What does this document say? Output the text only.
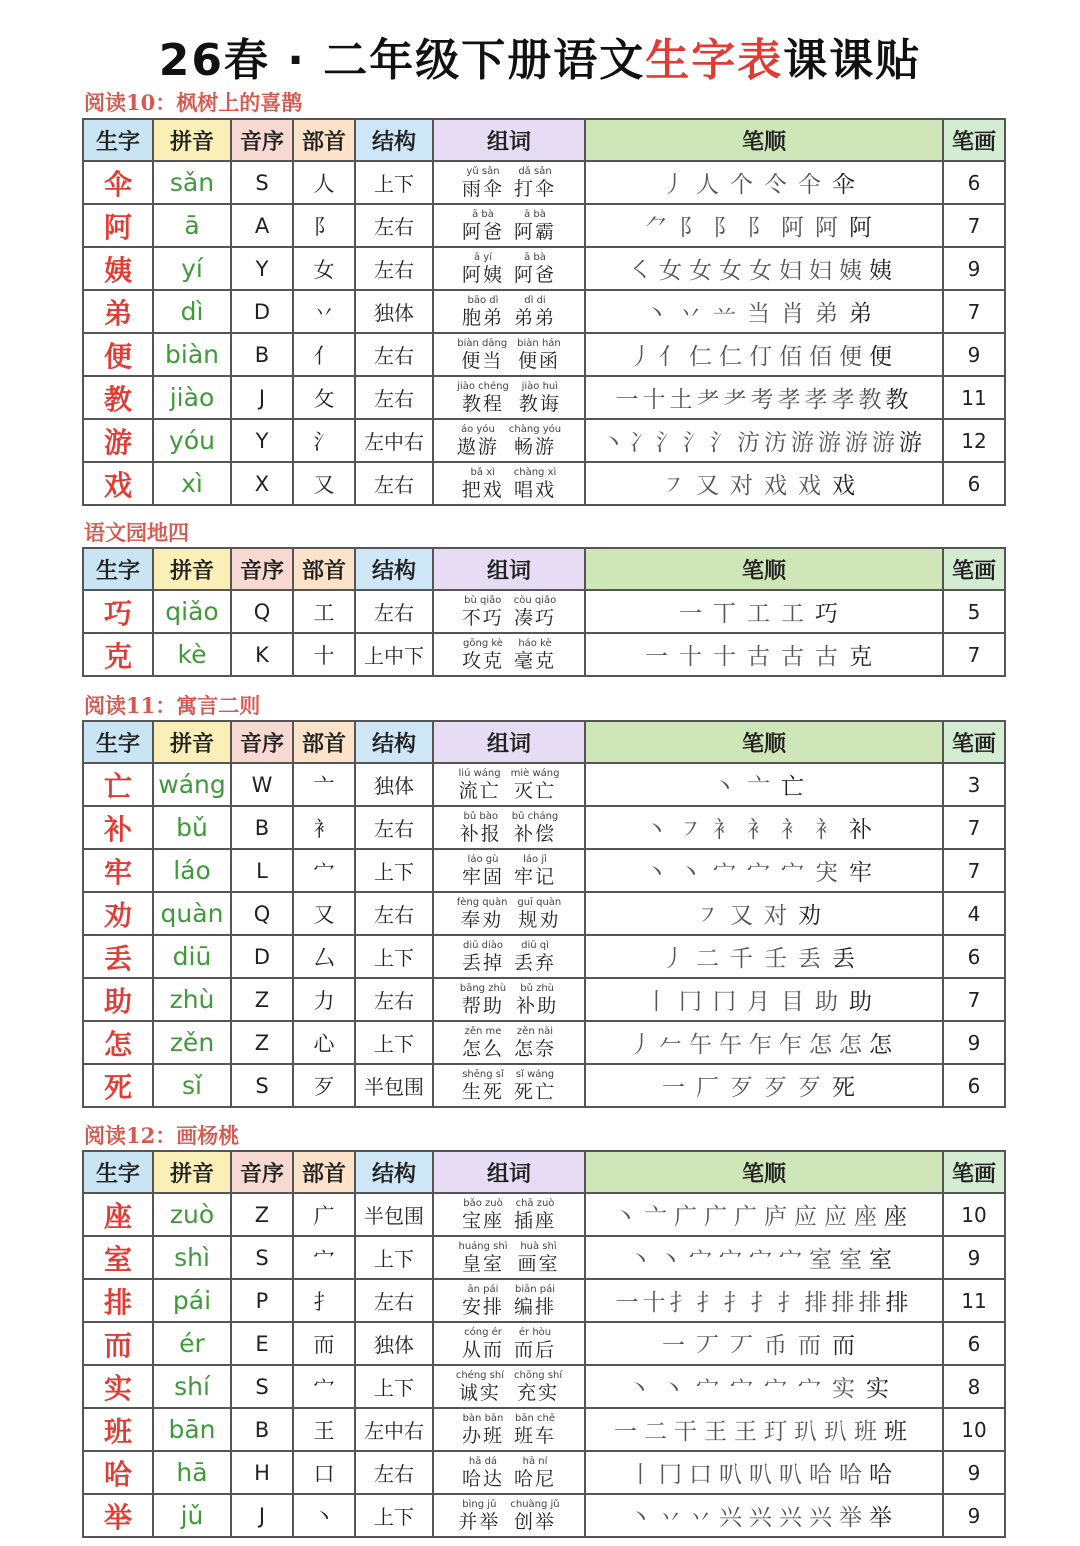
26春 · 二年级下册语文生字表课课贴
阅读10：枫树上的喜鹊
生字	拼音	音序	部首	结构	组词	笔顺	笔画
伞	sǎn	S	人	上下	yǔ sǎn
雨伞
dǎ sǎn
打伞	丿 人 个 仒 仐 伞	6
阿	ā	A	阝	左右	ā bà
阿爸
ā bà
阿霸	⺈ 阝 阝 阝 阿 阿 阿	7
姨	yí	Y	女	左右	ā yí
阿姨
ā bà
阿爸	㇛ 女 女 女 女 妇 妇 姨 姨	9
弟	dì	D	丷	独体	bāo dì
胞弟
dì di
弟弟	丶 丷 䒑 当 肖 弟 弟	7
便	biàn	B	亻	左右	biàn dāng
便当
biàn hán
便函	丿 亻 仁 仁 仃 佰 佰 便 便	9
教	jiào	J	攵	左右	jiào chéng
教程
jiào huì
教诲	一 十 土 耂 耂 考 孝 孝 孝 教 教	11
游	yóu	Y	氵	左中右	áo yóu
遨游
chàng yóu
畅游	丶 冫 氵 氵 氵 汸 汸 游 游 游 游 游	12
戏	xì	X	又	左右	bǎ xì
把戏
chàng xì
唱戏	㇇ 又 对 戏 戏 戏	6
语文园地四
生字	拼音	音序	部首	结构	组词	笔顺	笔画
巧	qiǎo	Q	工	左右	bù qiǎo
不巧
còu qiǎo
凑巧	一 丅 工 工 巧	5
克	kè	K	十	上中下	gōng kè
攻克
háo kè
毫克	一 十 十 古 古 古 克	7
阅读11：寓言二则
生字	拼音	音序	部首	结构	组词	笔顺	笔画
亡	wáng	W	亠	独体	liú wáng
流亡
miè wáng
灭亡	丶 亠 亡	3
补	bǔ	B	衤	左右	bǔ bào
补报
bǔ cháng
补偿	丶 ㇇ 衤 衤 衤 衤 补	7
牢	láo	L	宀	上下	láo gù
牢固
láo jì
牢记	丶 丶 宀 宀 宀 宊 牢	7
劝	quàn	Q	又	左右	fèng quàn
奉劝
guī quàn
规劝	㇇ 又 对 劝	4
丢	diū	D	厶	上下	diū diào
丢掉
diū qì
丢弃	丿 二 千 壬 丢 丢	6
助	zhù	Z	力	左右	bāng zhù
帮助
bǔ zhù
补助	丨 冂 冂 月 目 助 助	7
怎	zěn	Z	心	上下	zěn me
怎么
zěn nài
怎奈	丿 𠂉 午 午 乍 乍 怎 怎 怎	9
死	sǐ	S	歹	半包围	shēng sǐ
生死
sǐ wáng
死亡	一 厂 歹 歹 歹 死	6
阅读12：画杨桃
生字	拼音	音序	部首	结构	组词	笔顺	笔画
座	zuò	Z	广	半包围	bǎo zuò
宝座
chā zuò
插座	丶 亠 广 广 广 庐 应 应 座 座	10
室	shì	S	宀	上下	huáng shì
皇室
huà shì
画室	丶 丶 宀 宀 宀 宀 室 室 室	9
排	pái	P	扌	左右	ān pái
安排
biān pái
编排	一 十 扌 扌 扌 扌 扌 排 排 排 排	11
而	ér	E	而	独体	cóng ér
从而
ér hòu
而后	一 丆 丆 币 而 而	6
实	shí	S	宀	上下	chéng shí
诚实
chōng shí
充实	丶 丶 宀 宀 宀 宀 实 实	8
班	bān	B	王	左中右	bàn bān
办班
bān chē
班车	一 二 干 王 王 玎 玐 玐 班 班	10
哈	hā	H	口	左右	hā dá
哈达
hā ní
哈尼	丨 冂 口 叭 叭 叭 哈 哈 哈	9
举	jǔ	J	丶	上下	bìng jǔ
并举
chuàng jǔ
创举	丶 丷 丷 兴 兴 兴 兴 举 举	9
